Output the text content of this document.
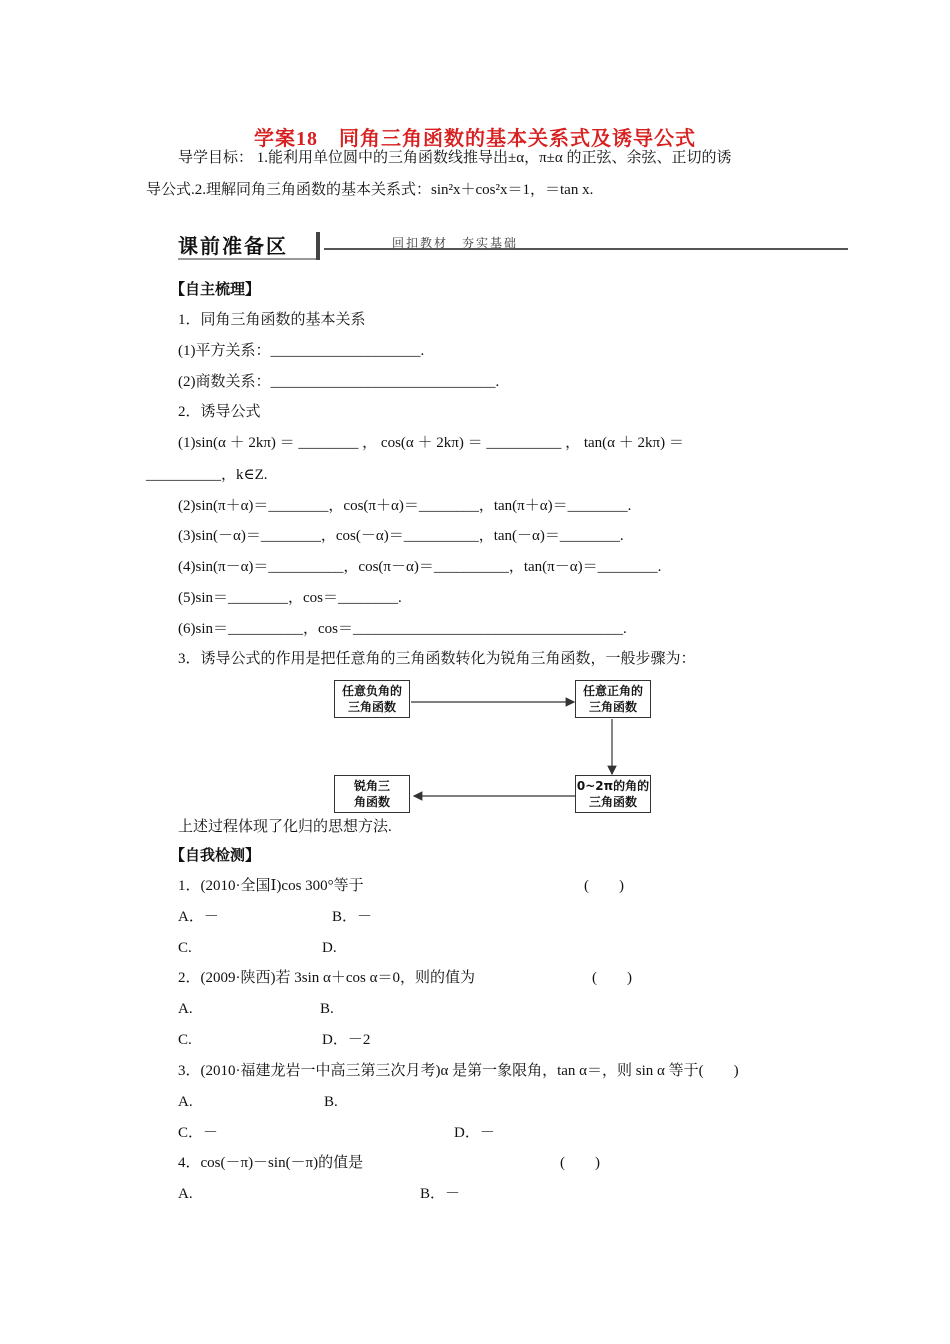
学案18　同角三角函数的基本关系式及诱导公式
导学目标： 1.能利用单位圆中的三角函数线推导出±α，π±α 的正弦、余弦、正切的诱
导公式.2.理解同角三角函数的基本关系式：sin²x＋cos²x＝1，＝tan x.
课前准备区	回扣教材　夯实基础
【自主梳理】
1．同角三角函数的基本关系
(1)平方关系：____________________.
(2)商数关系：______________________________.
2．诱导公式
(1)sin(α ＋ 2kπ) ＝ ________ ， cos(α ＋ 2kπ) ＝ __________ ， tan(α ＋ 2kπ) ＝
__________，k∈Z.
(2)sin(π＋α)＝________，cos(π＋α)＝________，tan(π＋α)＝________.
(3)sin(－α)＝________，cos(－α)＝__________，tan(－α)＝________.
(4)sin(π－α)＝__________，cos(π－α)＝__________，tan(π－α)＝________.
(5)sin＝________，cos＝________.
(6)sin＝__________，cos＝____________________________________.
3．诱导公式的作用是把任意角的三角函数转化为锐角三角函数，一般步骤为：
任意负角的
三角函数
任意正角的
三角函数
0~2π的角的
三角函数
锐角三
角函数
上述过程体现了化归的思想方法.
【自我检测】
1．(2010·全国Ⅰ)cos 300°等于	(　　)
A．－	B．－
C.	D.
2．(2009·陕西)若 3sin α＋cos α＝0，则的值为	(　　)
A.	B.
C.	D．－2
3．(2010·福建龙岩一中高三第三次月考)α 是第一象限角，tan α＝，则 sin α 等于(　　)
A.	B.
C．－	D．－
4．cos(－π)－sin(－π)的值是	(　　)
A.	B．－
